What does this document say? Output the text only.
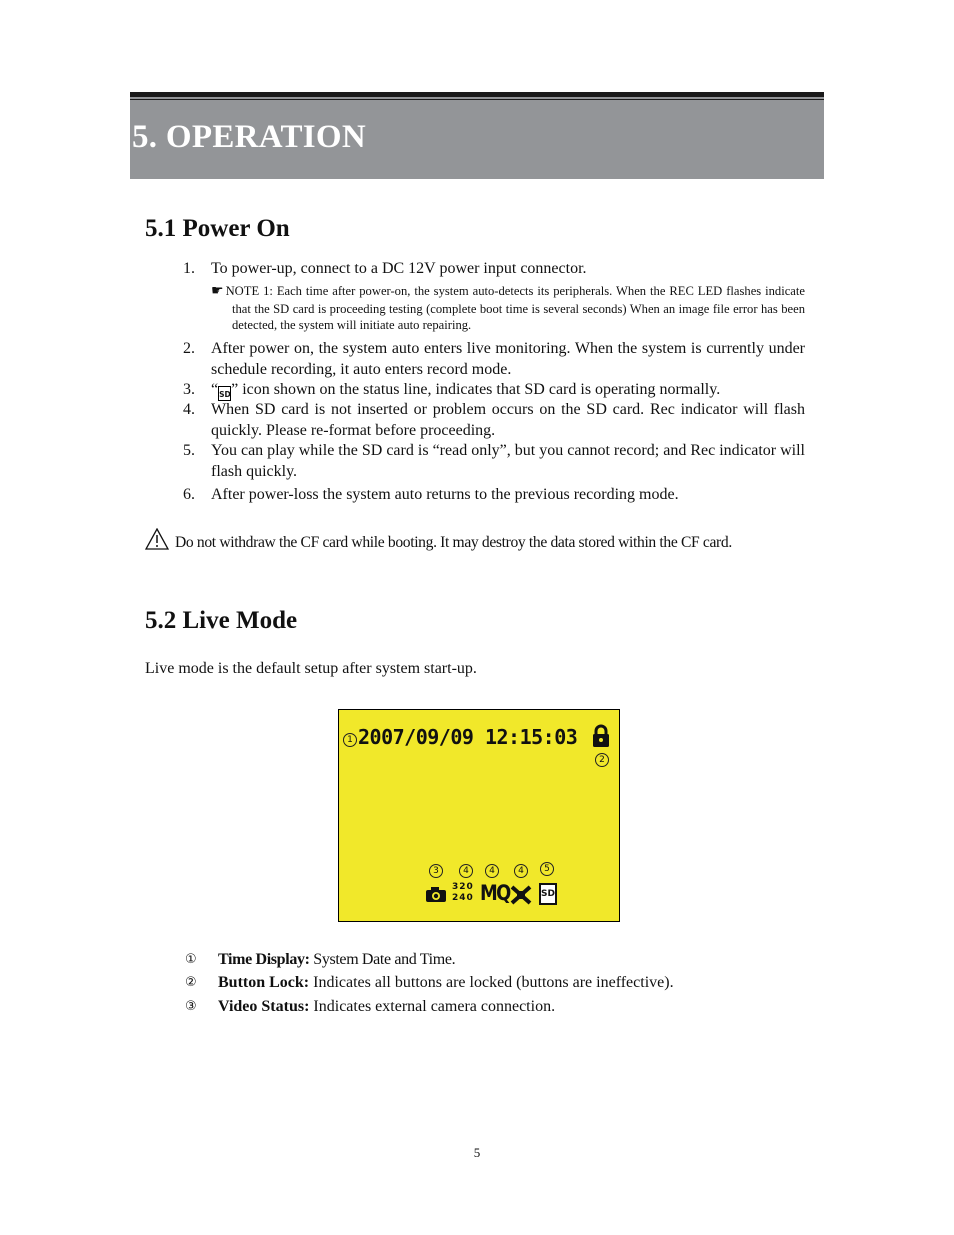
5. OPERATION
5.1 Power On
1. To power-up, connect to a DC 12V power input connector.
☛ NOTE 1: Each time after power-on, the system auto-detects its peripherals. When the REC LED flashes indicate that the SD card is proceeding testing (complete boot time is several seconds) When an image file error has been detected, the system will initiate auto repairing.
2. After power on, the system auto enters live monitoring. When the system is currently under schedule recording, it auto enters record mode.
3. “SD” icon shown on the status line, indicates that SD card is operating normally.
4. When SD card is not inserted or problem occurs on the SD card. Rec indicator will flash quickly. Please re-format before proceeding.
5. You can play while the SD card is “read only”, but you cannot record; and Rec indicator will flash quickly.
6. After power-loss the system auto returns to the previous recording mode.
Do not withdraw the CF card while booting. It may destroy the data stored within the CF card.
5.2 Live Mode
Live mode is the default setup after system start-up.
1 2007/09/09 12:15:03
2
3	4	4	4	5
320
240 MQ	SD
① Time Display: System Date and Time.
② Button Lock: Indicates all buttons are locked (buttons are ineffective).
③ Video Status: Indicates external camera connection.
5
